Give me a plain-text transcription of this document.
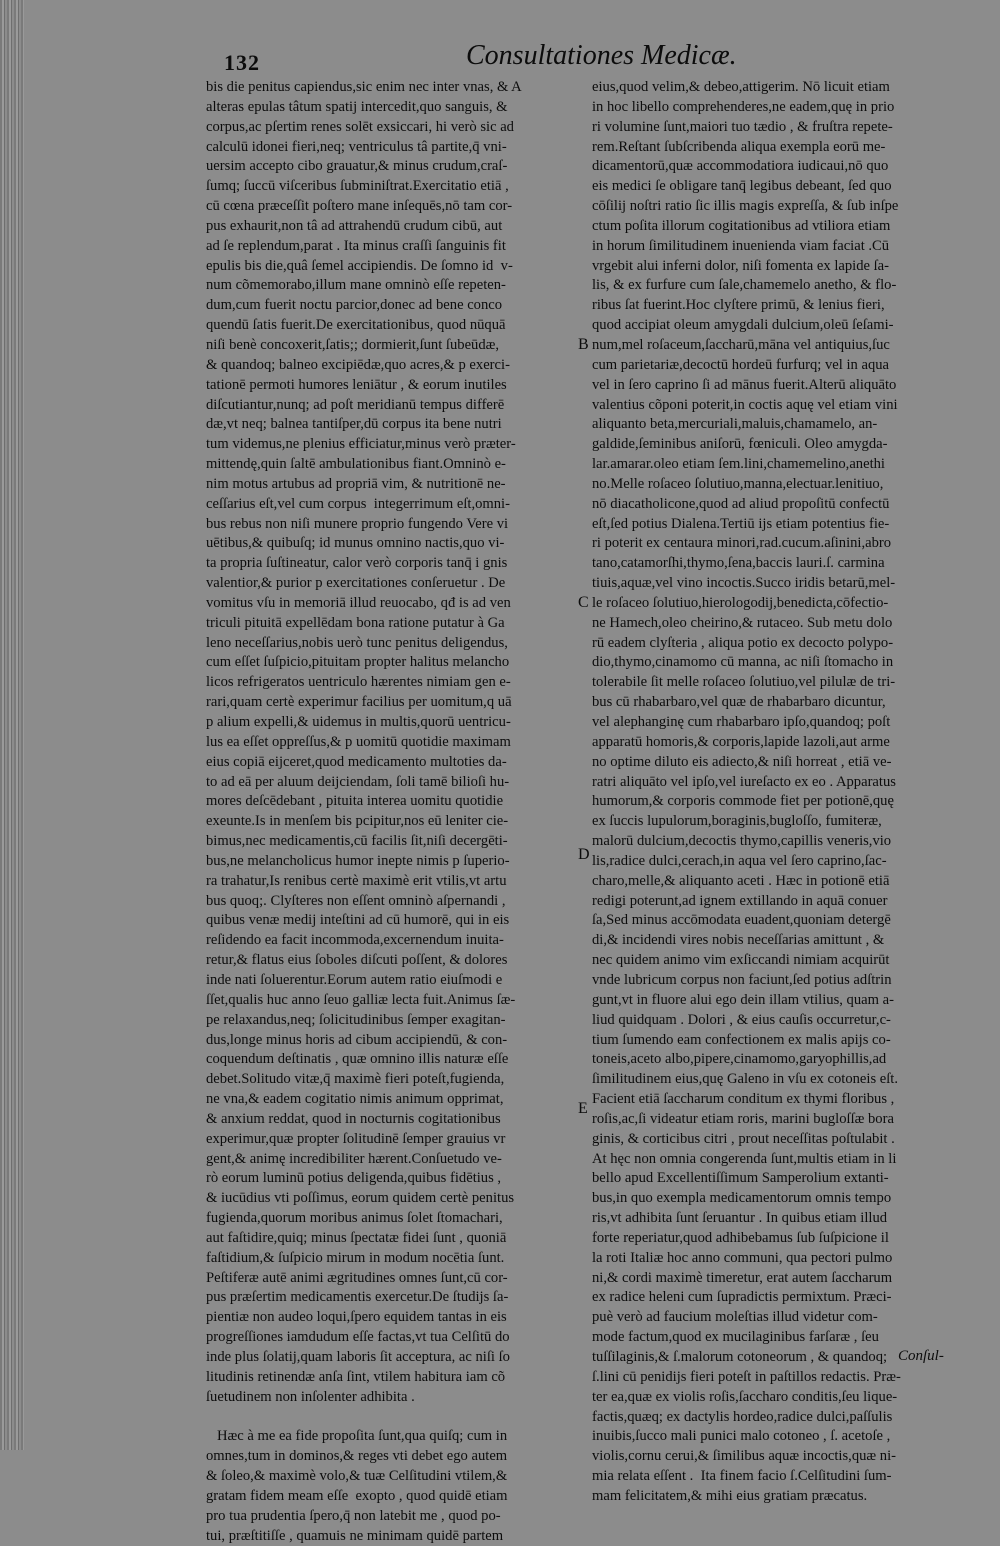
132	Consultationes Medicæ.
bis die penitus capiendus,sic enim nec inter vnas, & A
alteras epulas tâtum spatij intercedit,quo sanguis, &
corpus,ac pſertim renes solēt exsiccari, hi verò sic ad
calculū idonei fieri,neq; ventriculus tâ partite,q̄ vni-
uersim accepto cibo grauatur,& minus crudum,crаſ-
ſumq; ſuccū viſceribus ſubminiſtrat.Exercitatio etiā ,
cū cœna præceſſit poſtero mane inſequēs,nō tam cor-
pus exhaurit,non tâ ad attrahendū crudum cibū, aut
ad ſe replendum,parat . Ita minus craſſi ſanguinis fit
epulis bis die,quâ ſemel accipiendis. De ſomno id  v-
num cõmemorabo,illum mane omninò eſſe repeten-
dum,cum fuerit noctu parcior,donec ad bene conco
quendū ſatis fuerit.De exercitationibus, quod nūquā
niſi benè concoxerit,ſatis;; dormierit,ſunt ſubeūdæ,
& quandoq; balneo excipiēdæ,quo acres,& p exerci-
tationē permoti humores leniātur , & eorum inutiles
diſcutiantur,nunq; ad poſt meridianū tempus differē
dæ,vt neq; balnea tantiſper,dū corpus ita bene nutri
tum videmus,ne plenius efficiatur,minus verò præter-
mittendę,quin ſaltē ambulationibus fiant.Omninò e-
nim motus artubus ad propriā vim, & nutritionē ne-
ceſſarius eſt,vel cum corpus  integerrimum eſt,omni-
bus rebus non niſi munere proprio fungendo Vere vi
uētibus,& quibuſq; id munus omnino nactis,quo vi-
ta propria ſuſtineatur, calor verò corporis tanq̄ i gnis
valentior,& purior p exercitationes conſeruetur . De
vomitus vſu in memoriā illud reuocabo, qđ is ad ven
triculi pituitā expellēdam bona ratione putatur à Ga
leno neceſſarius,nobis uerò tunc penitus deligendus,
cum eſſet ſuſpicio,pituitam propter halitus melancho
licos refrigeratos uentriculo hærentes nimiam gen e-
rari,quam certè experimur facilius per uomitum,q uā
p alium expelli,& uidemus in multis,quorū uentricu-
lus ea eſſet oppreſſus,& p uomitū quotidie maximam
eius copiā eijceret,quod medicamento multoties da-
to ad eā per aluum deijciendam, ſoli tamē bilioſi hu-
mores deſcēdebant , pituita interea uomitu quotidie
exeunte.Is in menſem bis pcipitur,nos eū leniter cie-
bimus,nec medicamentis,cū facilis ſit,niſi decergēti-
bus,ne melancholicus humor inepte nimis p ſuperio-
ra trahatur,Is renibus certè maximè erit vtilis,vt artu
bus quoq;. Clyſteres non eſſent omninò aſpernandi ,
quibus venæ medij inteſtini ad cū humorē, qui in eis
reſidendo ea facit incommoda,excernendum inuita-
retur,& flatus eius ſoboles diſcuti poſſent, & dolores
inde nati ſoluerentur.Eorum autem ratio eiuſmodi e
ſſet,qualis huc anno ſeuo galliæ lecta fuit.Animus ſæ-
pe relaxandus,neq; ſolicitudinibus ſemper exagitan-
dus,longe minus horis ad cibum accipiendū, & con-
coquendum deſtinatis , quæ omnino illis naturæ eſſe
debet.Solitudo vitæ,q̄ maximè fieri poteſt,fugienda,
ne vna,& eadem cogitatio nimis animum opprimat,
& anxium reddat, quod in nocturnis cogitationibus
experimur,quæ propter ſolitudinē ſemper grauius vr
gent,& animę incredibiliter hærent.Conſuetudo ve-
rò eorum luminū potius deligenda,quibus fidētius ,
& iucūdius vti poſſimus, eorum quidem certè penitus
fugienda,quorum moribus animus ſolet ſtomachari,
aut faſtidire,quiq; minus ſpectatæ fidei ſunt , quoniā
faſtidium,& ſuſpicio mirum in modum nocētia ſunt.
Peſtiferæ autē animi ægritudines omnes ſunt,cū cor-
pus præſertim medicamentis exercetur.De ſtudijs ſa-
pientiæ non audeo loqui,ſpero equidem tantas in eis
progreſſiones iamdudum eſſe factas,vt tua Celſitū do
inde plus ſolatij,quam laboris ſit acceptura, ac niſi ſo
litudinis retinendæ anſa ſint, vtilem habitura iam cõ
ſuetudinem non inſolenter adhibita .
Hæc à me ea fide propoſita ſunt,qua quiſq; cum in
omnes,tum in dominos,& reges vti debet ego autem
& ſoleo,& maximè volo,& tuæ Celſitudini vtilem,&
gratam fidem meam eſſe  exopto , quod quidē etiam
pro tua prudentia ſpero,q̄ non latebit me , quod po-
tui, præſtitiſſe , quamuis ne minimam quidē partem
eius,quod velim,& debeo,attigerim. Nō licuit etiam
in hoc libello comprehenderes,ne eadem,quę in prio
ri volumine ſunt,maiori tuo tædio , & fruſtra repete-
rem.Reſtant ſubſcribenda aliqua exempla eorū me-
dicamentorū,quæ accommodatiora iudicaui,nō quo
eis medici ſe obligare tanq̄ legibus debeant, ſed quo
cōſilij noſtri ratio ſic illis magis expreſſa, & ſub inſpe
ctum poſita illorum cogitationibus ad vtiliora etiam
in horum ſimilitudinem inueniendа viam faciat .Cū
vrgebit alui inferni dolor, niſi fomenta ex lapide ſa-
lis, & ex furfure cum ſale,chamemelo anetho, & flo-
ribus ſat fuerint.Hoc clyſtere primū, & lenius fieri,
quod accipiat oleum amygdali dulcium,oleū ſeſami-
num,mel roſaceum,ſaccharū,māna vel antiquius,ſuc
cum parietariæ,decoctū hordeū furfurq; vel in aqua
vel in ſero caprino ſi ad mānus fuerit.Alterū aliquāto
valentius cõponi poterit,in coctis aquę vel etiam vini
aliquanto beta,mercuriali,maluis,chamamelo, an-
galdide,ſeminibus aniſorū, fœniculi. Oleo amygda-
lar.amarar.oleo etiam ſem.lini,chamemelino,anethi
no.Melle roſaceo ſolutiuo,manna,electuar.lenitiuo,
nō diacatholicone,quod ad aliud propoſitū confectū
eſt,ſed potius Dialena.Tertiū ijs etiam potentius fie-
ri poterit ex centaura minori,rad.cucum.aſinini,abro
tano,catamorſhi,thymo,ſena,baccis lauri.ſ. carmina
tiuis,aquæ,vel vino incoctis.Succo iridis betarū,mel-
le roſaceo ſolutiuo,hierologodij,benedicta,cōfectio-
ne Hamech,oleo cheirino,& rutaceo. Sub metu dolo
rū eadem clyſteria , aliqua potio ex decocto polypo-
dio,thymo,cinamomo cū manna, ac niſi ſtomacho in
tolerabile ſit melle roſaceo ſolutiuo,vel pilulæ de tri-
bus cū rhabarbaro,vel quæ de rhabarbaro dicuntur,
vel alephanginę cum rhabarbaro ipſo,quandoq; poſt
apparatū homoris,& corporis,lapide lazoli,aut arme
no optime diluto eis adiecto,& niſi horreat , etiā ve-
ratri aliquāto vel ipſo,vel iureſacto ex eo . Apparatus
humorum,& corporis commode fiet per potionē,quę
ex ſuccis lupulorum,boraginis,bugloſſo, fumiteræ,
malorū dulcium,decoctis thymo,capillis veneris,vio
lis,radice dulci,cerach,in aqua vel ſero caprino,ſac-
charo,melle,& aliquanto aceti . Hæc in potionē etiā
redigi poterunt,ad ignem extillando in aquā conuer
ſa,Sed minus accōmodata euadent,quoniam detergē
di,& incidendi vires nobis neceſſarias amittunt , &
nec quidem animo vim exſiccandi nimiam acquirūt
vnde lubricum corpus non faciunt,ſed potius adſtrin
gunt,vt in fluore alui ego dein illam vtilius, quam a-
liud quidquam . Dolori , & eius cauſis occurretur,c-
tium ſumendo eam confectionem ex malis apijs co-
toneis,aceto albo,pipere,cinamomo,garyophillis,ad
ſimilitudinem eius,quę Galeno in vſu ex cotoneis eſt.
Facient etiā ſaccharum conditum ex thymi floribus ,
roſis,ac,ſi videatur etiam roris, marini bugloſſæ bora
ginis, & corticibus citri , prout neceſſitas poſtulabit .
At hęc non omnia congerenda ſunt,multis etiam in li
bello apud Excellentiſſimum Samperolium extanti-
bus,in quo exempla medicamentorum omnis tempo
ris,vt adhibita ſunt ſeruantur . In quibus etiam illud
forte reperiatur,quod adhibebamus ſub ſuſpicione il
la roti Italiæ hoc anno communi, qua pectori pulmo
ni,& cordi maximè timeretur, erat autem ſaccharum
ex radice heleni cum ſupradictis permixtum. Præci-
puè verò ad faucium moleſtias illud videtur com-
mode factum,quod ex mucilaginibus farſaræ , ſeu
tuſſilaginis,& ſ.malorum cotoneorum , & quandoq;
ſ.lini cū penidijs fieri poteſt in paſtillos redactis. Præ-
ter ea,quæ ex violis roſis,ſaccharo conditis,ſeu lique-
factis,quæq; ex dactylis hordeo,radice dulci,paſſulis
inuibis,ſucco mali punici malo cotoneo , ſ. acetoſe ,
violis,cornu cerui,& ſimilibus aquæ incoctis,quæ ni-
mia relata eſſent .  Ita finem facio ſ.Celſitudini ſum-
mam felicitatem,& mihi eius gratiam præcatus.
B
C
D
E
Conſul-
